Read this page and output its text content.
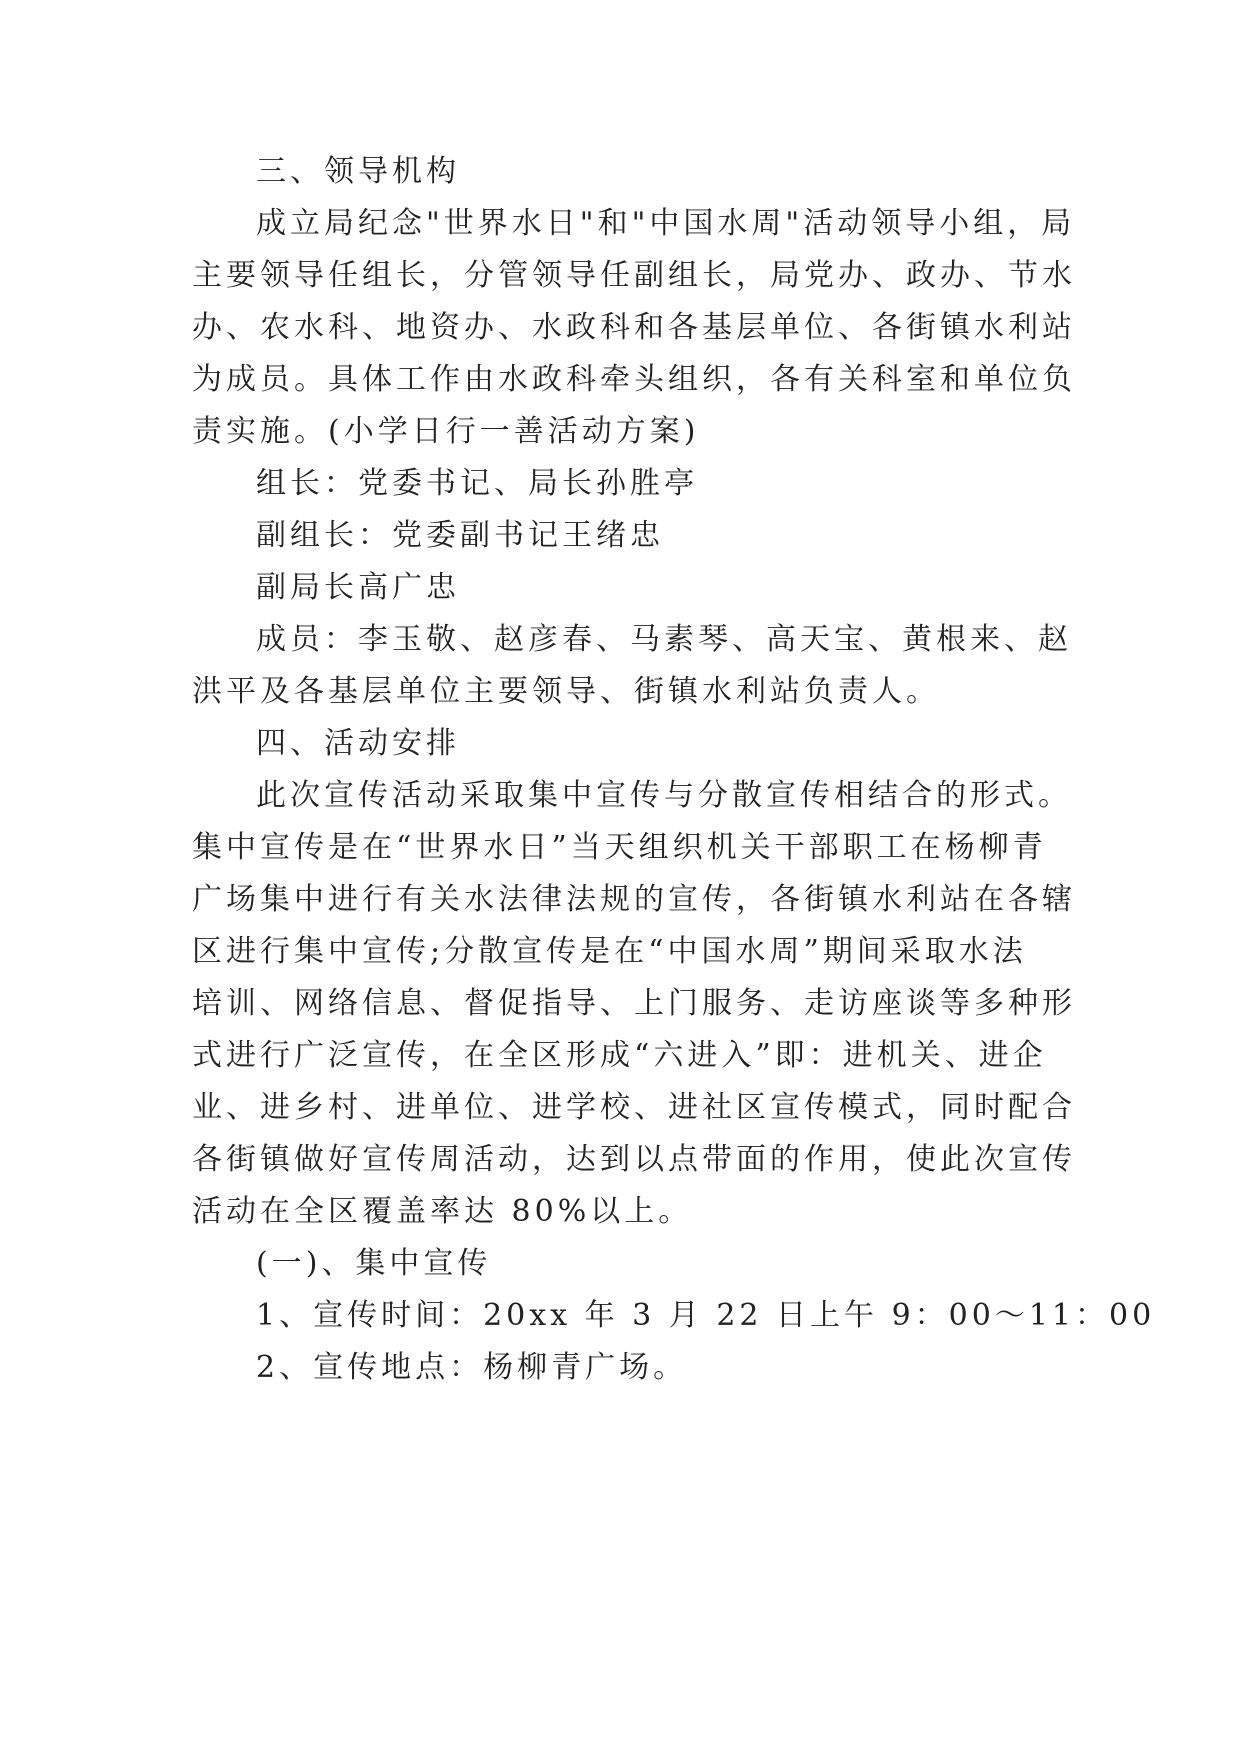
三、领导机构
成立局纪念"世界水日"和"中国水周"活动领导小组，局
主要领导任组长，分管领导任副组长，局党办、政办、节水
办、农水科、地资办、水政科和各基层单位、各街镇水利站
为成员。具体工作由水政科牵头组织，各有关科室和单位负
责实施。(小学日行一善活动方案)
组长：党委书记、局长孙胜亭
副组长：党委副书记王绪忠
副局长高广忠
成员：李玉敬、赵彦春、马素琴、高天宝、黄根来、赵
洪平及各基层单位主要领导、街镇水利站负责人。
四、活动安排
此次宣传活动采取集中宣传与分散宣传相结合的形式。
集中宣传是在“世界水日”当天组织机关干部职工在杨柳青
广场集中进行有关水法律法规的宣传，各街镇水利站在各辖
区进行集中宣传;分散宣传是在“中国水周”期间采取水法
培训、网络信息、督促指导、上门服务、走访座谈等多种形
式进行广泛宣传，在全区形成“六进入”即：进机关、进企
业、进乡村、进单位、进学校、进社区宣传模式，同时配合
各街镇做好宣传周活动，达到以点带面的作用，使此次宣传
活动在全区覆盖率达 80%以上。
(一)、集中宣传
1、宣传时间：20xx 年 3 月 22 日上午 9：00～11：00
2、宣传地点：杨柳青广场。
